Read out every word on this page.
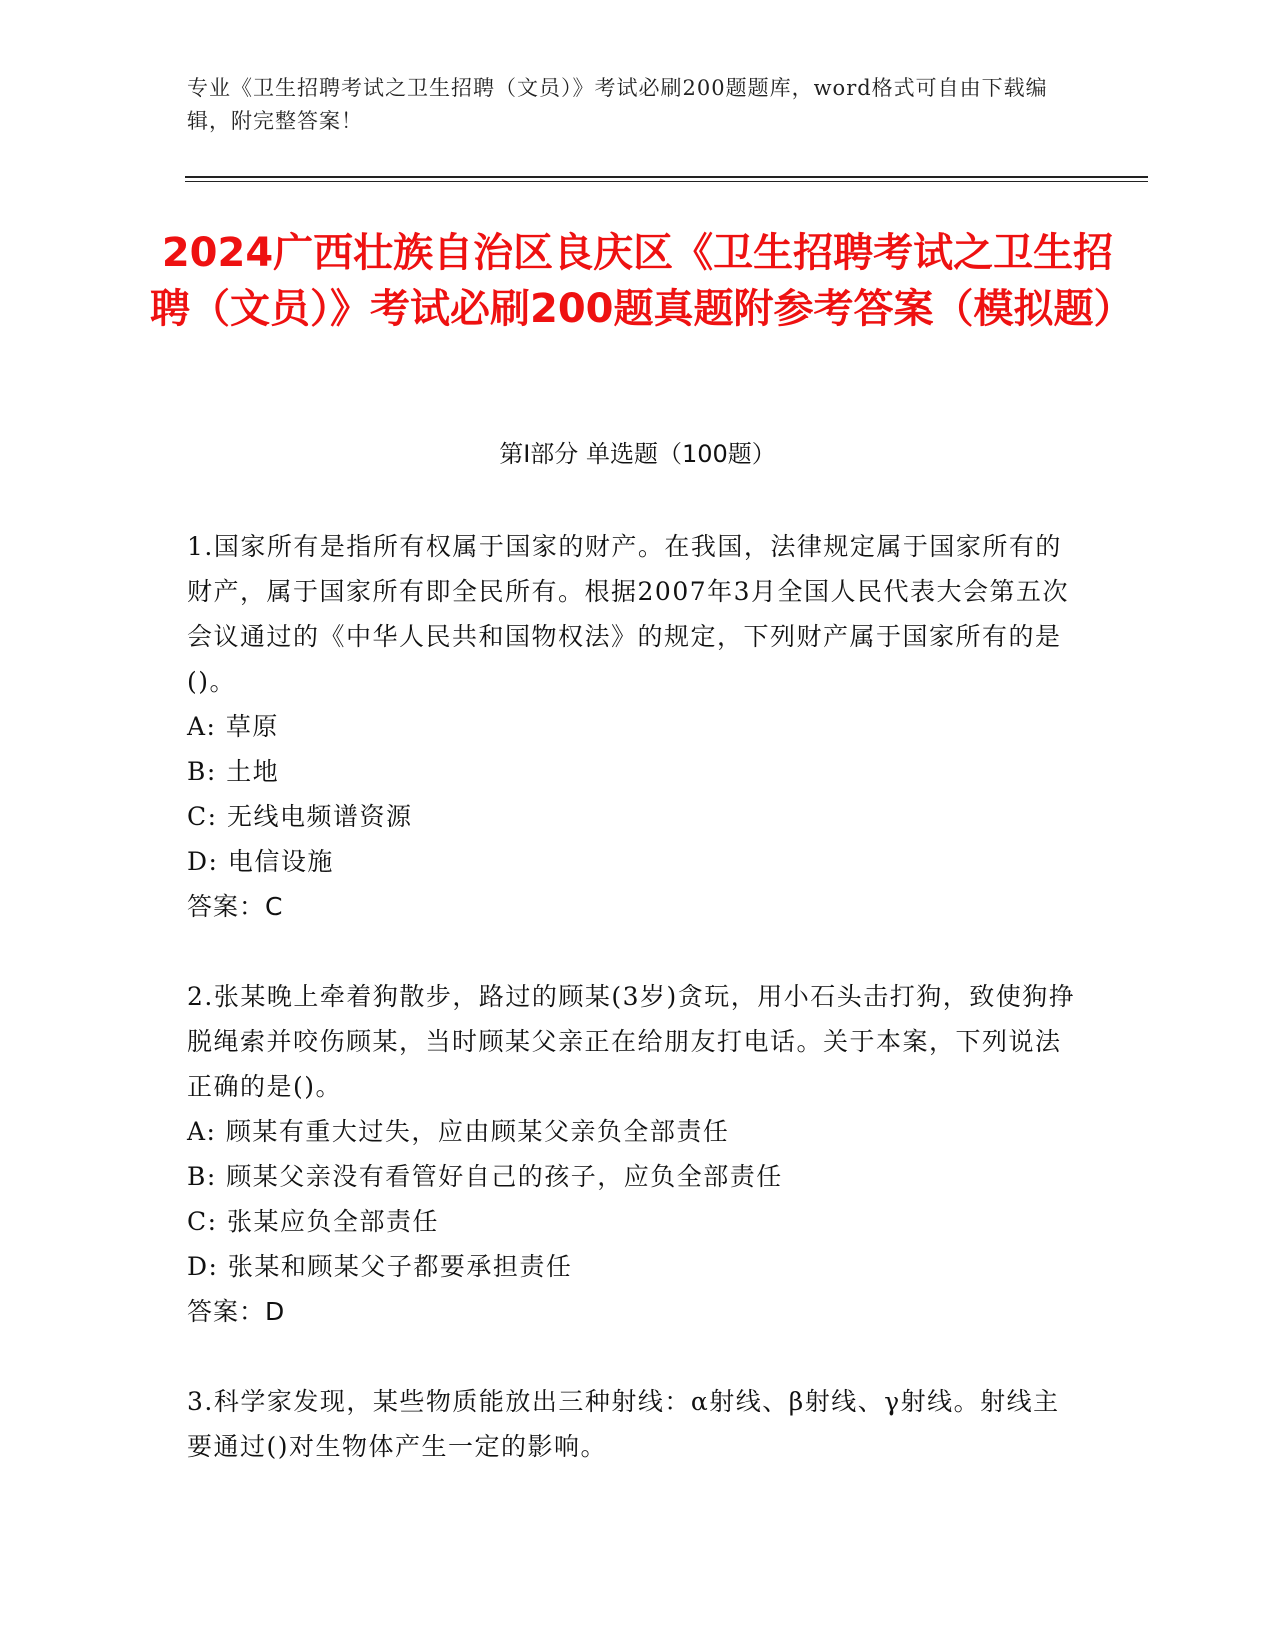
专业《卫生招聘考试之卫生招聘（文员）》考试必刷200题题库，word格式可自由下载编辑，附完整答案！
2024广西壮族自治区良庆区《卫生招聘考试之卫生招聘（文员）》考试必刷200题真题附参考答案（模拟题）
第Ⅰ部分 单选题（100题）

1.国家所有是指所有权属于国家的财产。在我国，法律规定属于国家所有的财产，属于国家所有即全民所有。根据2007年3月全国人民代表大会第五次会议通过的《中华人民共和国物权法》的规定，下列财产属于国家所有的是()。

A: 草原

B: 土地

C: 无线电频谱资源

D: 电信设施

答案：C

2.张某晚上牵着狗散步，路过的顾某(3岁)贪玩，用小石头击打狗，致使狗挣脱绳索并咬伤顾某，当时顾某父亲正在给朋友打电话。关于本案，下列说法正确的是()。

A: 顾某有重大过失，应由顾某父亲负全部责任

B: 顾某父亲没有看管好自己的孩子，应负全部责任

C: 张某应负全部责任

D: 张某和顾某父子都要承担责任

答案：D

3.科学家发现，某些物质能放出三种射线：α射线、β射线、γ射线。射线主要通过()对生物体产生一定的影响。
